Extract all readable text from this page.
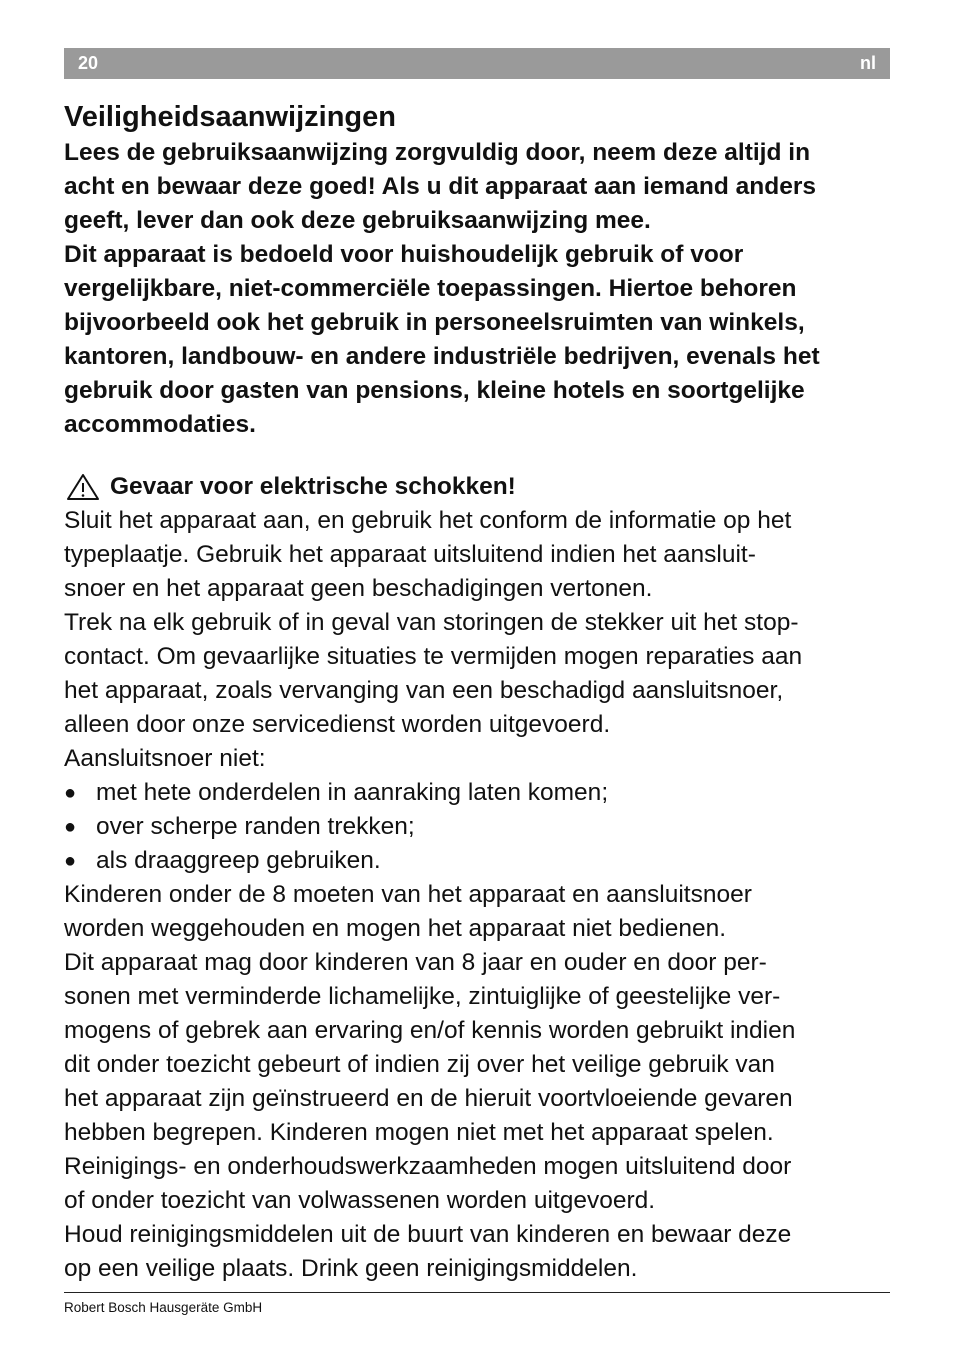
20	nl
Veiligheidsaanwijzingen

Lees de gebruiksaanwijzing zorgvuldig door, neem deze altijd in

acht en bewaar deze goed! Als u dit apparaat aan iemand anders

geeft, lever dan ook deze gebruiksaanwijzing mee.

Dit apparaat is bedoeld voor huishoudelijk gebruik of voor

vergelijkbare, niet-commerciële toepassingen. Hiertoe behoren

bijvoorbeeld ook het gebruik in personeelsruimten van winkels,

kantoren, landbouw- en andere industriële bedrijven, evenals het

gebruik door gasten van pensions, kleine hotels en soortgelijke

accommodaties.

Gevaar voor elektrische schokken!

Sluit het apparaat aan, en gebruik het conform de informatie op het

typeplaatje. Gebruik het apparaat uitsluitend indien het aansluit-

snoer en het apparaat geen beschadigingen vertonen.

Trek na elk gebruik of in geval van storingen de stekker uit het stop-

contact. Om gevaarlijke situaties te vermijden mogen reparaties aan

het apparaat, zoals vervanging van een beschadigd aansluitsnoer,

alleen door onze servicedienst worden uitgevoerd.

Aansluitsnoer niet:

● met hete onderdelen in aanraking laten komen;
● over scherpe randen trekken;
● als draaggreep gebruiken.

Kinderen onder de 8 moeten van het apparaat en aansluitsnoer

worden weggehouden en mogen het apparaat niet bedienen.

Dit apparaat mag door kinderen van 8 jaar en ouder en door per-

sonen met verminderde lichamelijke, zintuiglijke of geestelijke ver-

mogens of gebrek aan ervaring en/of kennis worden gebruikt indien

dit onder toezicht gebeurt of indien zij over het veilige gebruik van

het apparaat zijn geïnstrueerd en de hieruit voortvloeiende gevaren

hebben begrepen. Kinderen mogen niet met het apparaat spelen.

Reinigings- en onderhoudswerkzaamheden mogen uitsluitend door

of onder toezicht van volwassenen worden uitgevoerd.

Houd reinigingsmiddelen uit de buurt van kinderen en bewaar deze

op een veilige plaats. Drink geen reinigingsmiddelen.

Robert Bosch Hausgeräte GmbH
